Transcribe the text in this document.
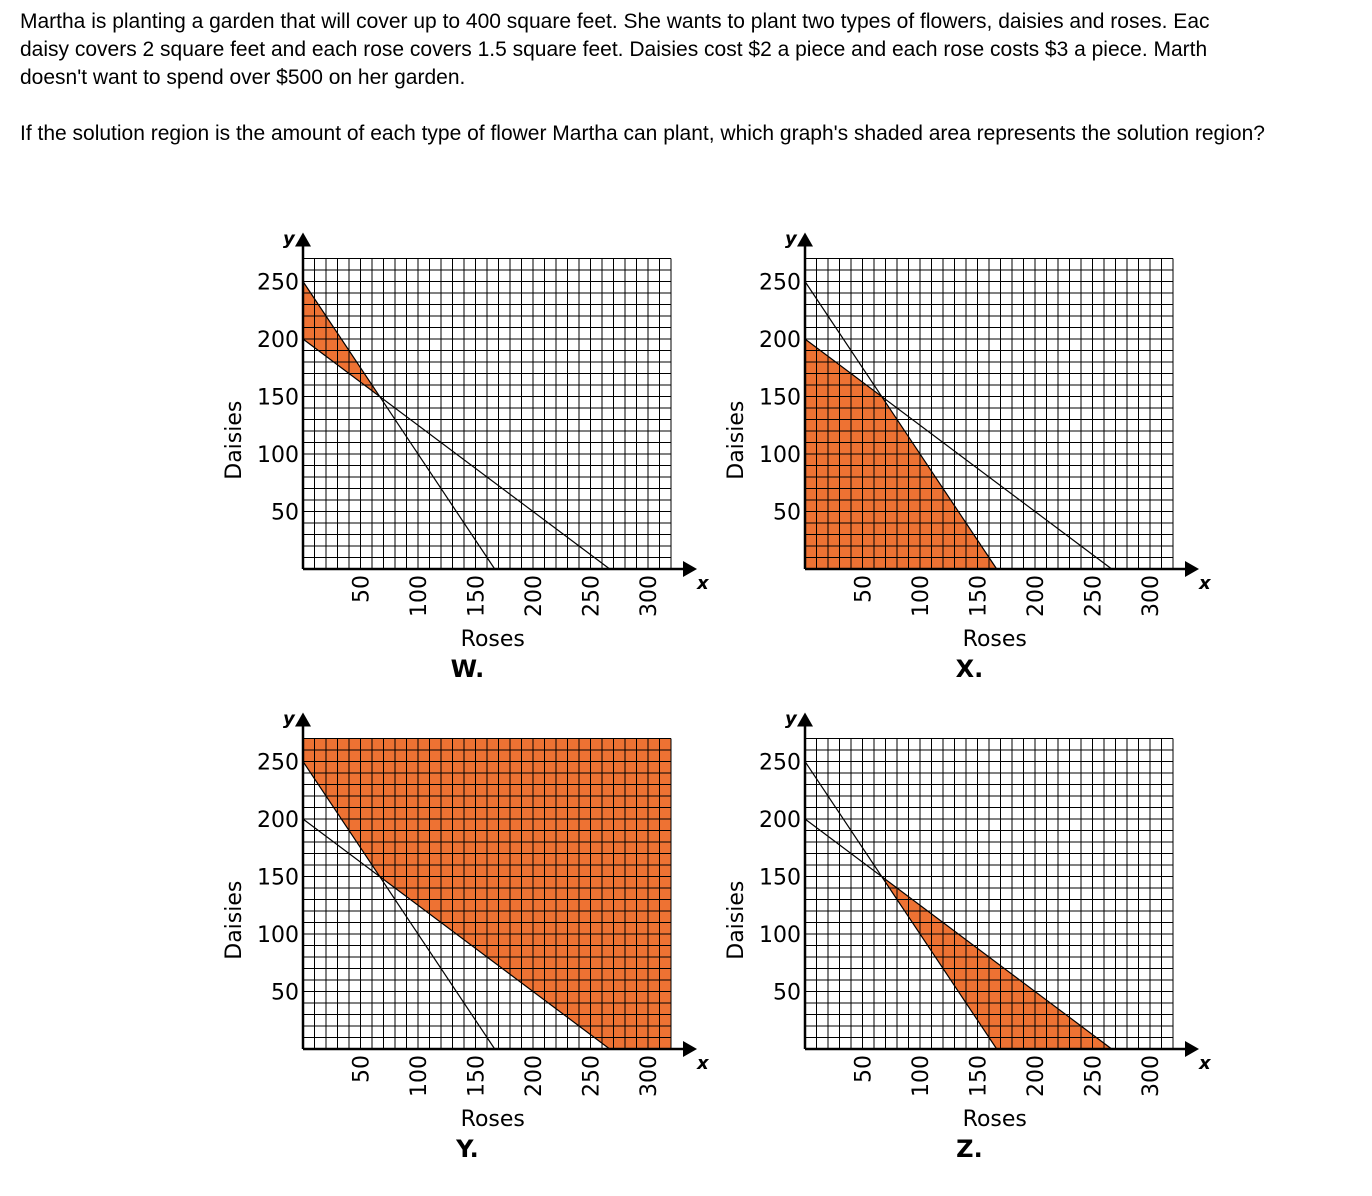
Martha is planting a garden that will cover up to 400 square feet. She wants to plant two types of flowers, daisies and roses. Eac

daisy covers 2 square feet and each rose covers 1.5 square feet. Daisies cost $2 a piece and each rose costs $3 a piece. Marth

doesn't want to spend over $500 on her garden.

If the solution region is the amount of each type of flower Martha can plant, which graph's shaded area represents the solution region?

y
x
50
100
150
200
250
50 100 150 200 250 300
Roses
Daisies
W.
y
x
50
100
150
200
250
50 100 150 200 250 300
Roses
Daisies
X.
y
x
50
100
150
200
250
50 100 150 200 250 300
Roses
Daisies
Y.
y
x
50
100
150
200
250
50 100 150 200 250 300
Roses
Daisies
Z.
